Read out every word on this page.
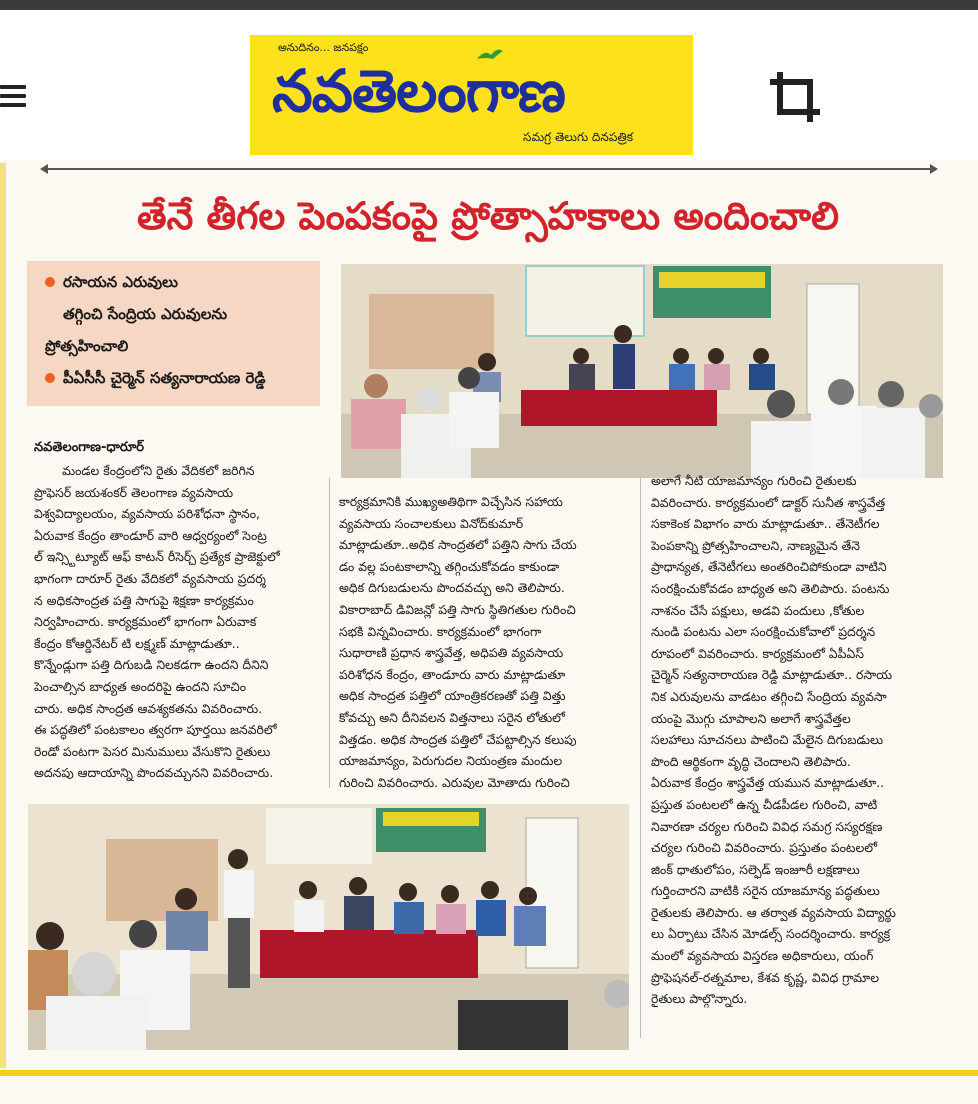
అనుదినం... జనపక్షం
నవతెలంగాణ
సమగ్ర తెలుగు దినపత్రిక
తేనే తీగల పెంపకంపై ప్రోత్సాహకాలు అందించాలి
రసాయన ఎరువులు
తగ్గించి సేంద్రియ ఎరువులను
ప్రోత్సహించాలి
పీఏసీసీ చైర్మెన్ సత్యనారాయణ రెడ్డి
నవతెలంగాణ-ధారూర్

మండల కేంద్రంలోని రైతు వేదికలో జరిగిన

ప్రొఫెసర్ జయశంకర్ తెలంగాణ వ్యవసాయ

విశ్వవిద్యాలయం, వ్యవసాయ పరిశోధనా స్థానం,

ఏరువాక కేంద్రం తాండూర్ వారి ఆధ్వర్యంలో సెంట్ర

ల్ ఇన్స్టిట్యూట్ ఆఫ్ కాటన్ రీసెర్చ్ ప్రత్యేక ప్రాజెక్టులో

భాగంగా దారూర్ రైతు వేదికలో వ్యవసాయ ప్రదర్శ

న అధికసాంద్రత పత్తి సాగుపై శిక్షణా కార్యక్రమం

నిర్వహించారు. కార్యక్రమంలో భాగంగా ఏరువాక

కేంద్రం కోఆర్డినేటర్ టి లక్ష్మణ్ మాట్లాడుతూ..

కొన్నేండ్లుగా పత్తి దిగుబడి నిలకడగా ఉందని దీనిని

పెంచాల్సిన బాధ్యత అందరిపై ఉందని సూచిం

చారు. అధిక సాంద్రత ఆవశ్యకతను వివరించారు.

ఈ పద్ధతిలో పంటకాలం త్వరగా పూర్తయి జనవరిలో

రెండో పంటగా పెసర మినుములు వేసుకొని రైతులు

అదనపు ఆదాయాన్ని పొందవచ్చునని వివరించారు.

కార్యక్రమానికి ముఖ్యఅతిథిగా విచ్చేసిన సహాయ

వ్యవసాయ సంచాలకులు వినోద్‌కుమార్

మాట్లాడుతూ..అధిక సాంద్రతలో పత్తిని సాగు చేయ

డం వల్ల పంటకాలాన్ని తగ్గించుకోవడం కాకుండా

అధిక దిగుబడులను పొందవచ్చు అని తెలిపారు.

వికారాబాద్ డివిజన్లో పత్తి సాగు స్థితిగతుల గురించి

సభకి విన్నవించారు. కార్యక్రమంలో భాగంగా

సుధారాణి ప్రధాన శాస్త్రవేత్త, అధిపతి వ్యవసాయ

పరిశోధన కేంద్రం, తాండూరు వారు మాట్లాడుతూ

అధిక సాంద్రత పత్తిలో యాంత్రికరణతో పత్తి విత్తు

కోవచ్చు అని దీనివలన విత్తనాలు సరైన లోతులో

విత్తడం. అధిక సాంద్రత పత్తిలో చేపట్టాల్సిన కలుపు

యాజమాన్యం, పెరుగుదల నియంత్రణ మందుల

గురించి వివరించారు. ఎరువుల మోతాదు గురించి

అలాగే నీటి యాజమాన్యం గురించి రైతులకు

వివరించారు. కార్యక్రమంలో డాక్టర్ సునీత శాస్త్రవేత్త

సకాకెంక విభాగం వారు మాట్లాడుతూ.. తేనెటీగల

పెంపకాన్ని ప్రోత్సహించాలని, నాణ్యమైన తేనె

ప్రాధాన్యత, తేనెటీగలు అంతరించిపోకుండా వాటిని

సంరక్షించుకోవడం బాధ్యత అని తెలిపారు. పంటను

నాశనం చేసే పక్షులు, అడవి పందులు ,కోతుల

నుండి పంటను ఎలా సంరక్షించుకోవాలో ప్రదర్శన

రూపంలో వివరించారు. కార్యక్రమంలో ఏపీఏస్

చైర్మెన్ సత్యనారాయణ రెడ్డి మాట్లాడుతూ.. రసాయ

నిక ఎరువులను వాడటం తగ్గించి సేంద్రియ వ్యవసా

యంపై మొగ్గు చూపాలని అలాగే శాస్త్రవేత్తల

సలహాలు సూచనలు పాటించి మేలైన దిగుబడులు

పొంది ఆర్థికంగా వృద్ధి చెందాలని తెలిపారు.

ఏరువాక కేంద్రం శాస్త్రవేత్త యమున మాట్లాడుతూ..

ప్రస్తుత పంటలలో ఉన్న చీడపీడల గురించి, వాటి

నివారణా చర్యల గురించి వివిధ సమగ్ర సస్యరక్షణ

చర్యల గురించి వివరించారు. ప్రస్తుతం పంటలలో

జింక్ ధాతులోపం, సల్ఫెడ్ ఇంజూరీ లక్షణాలు

గుర్తించారని వాటికి సరైన యాజమాన్య పద్ధతులు

రైతులకు తెలిపారు. ఆ తర్వాత వ్యవసాయ విద్యార్థు

లు ఏర్పాటు చేసిన మోడల్స్ సందర్శించారు. కార్యక్ర

మంలో వ్యవసాయ విస్తరణ అధికారులు, యంగ్

ప్రొఫెషనల్-రత్నమాల, కేశవ కృష్ణ, వివిధ గ్రామాల

రైతులు పాల్గొన్నారు.
